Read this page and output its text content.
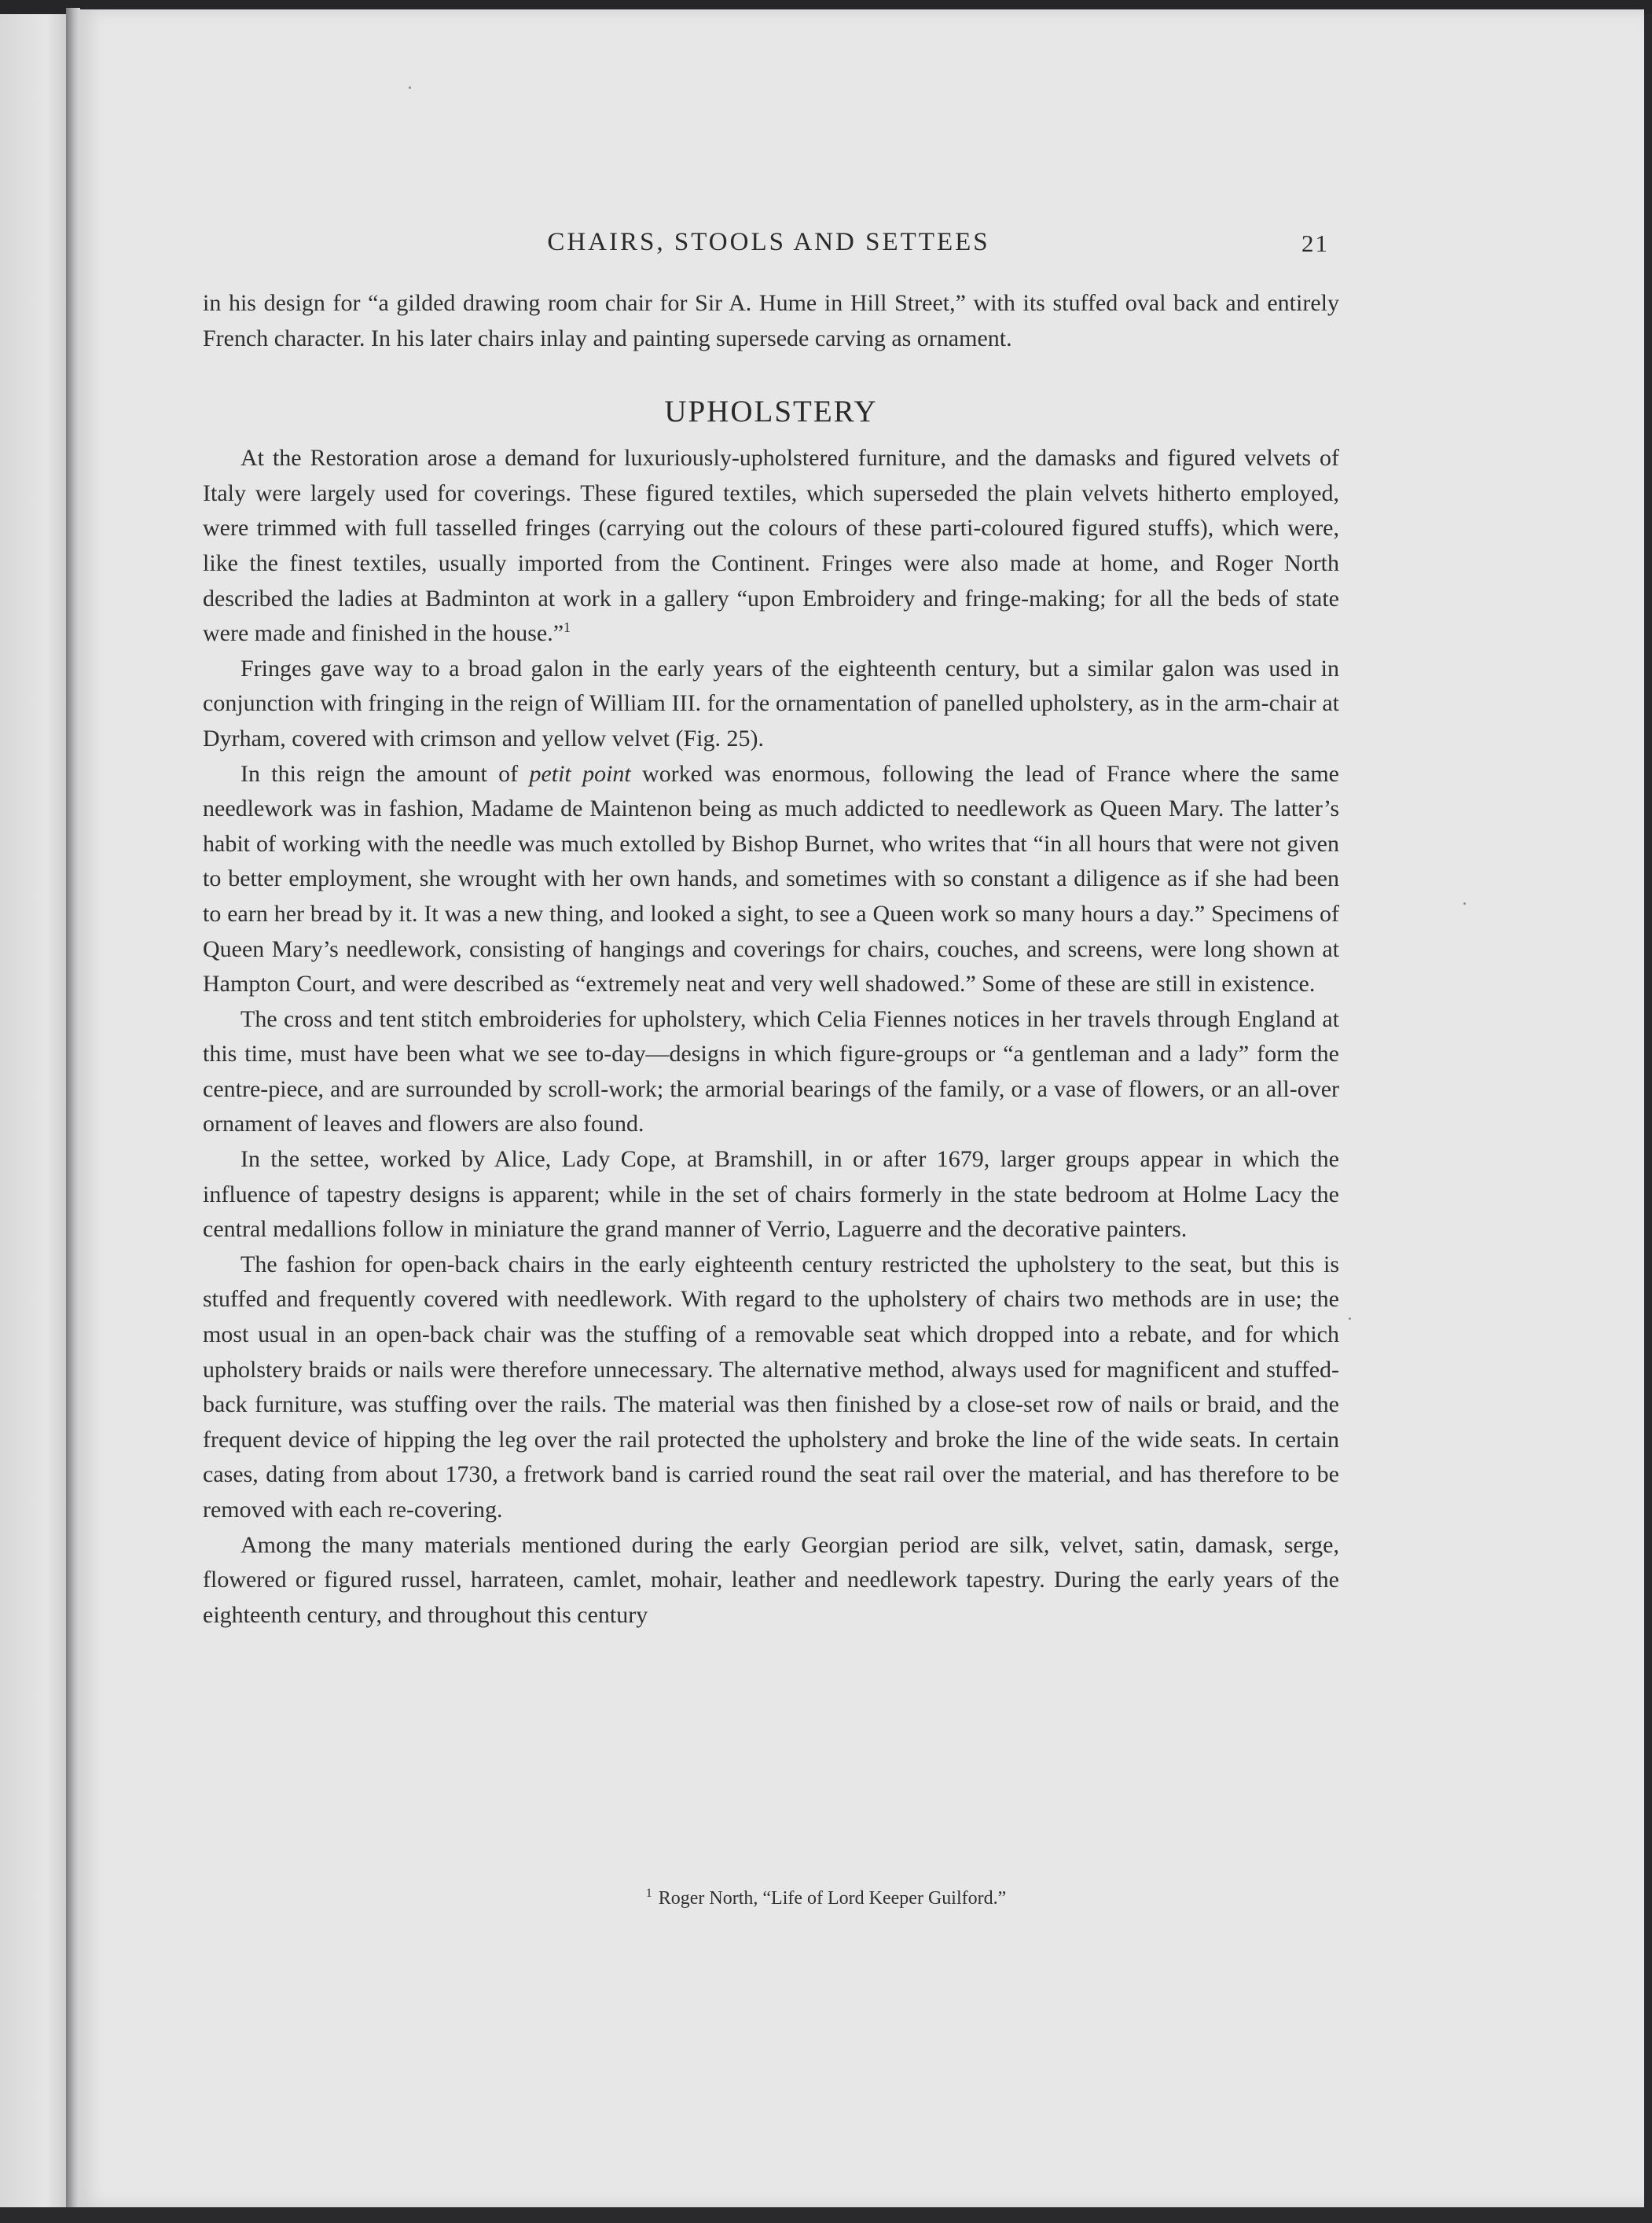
CHAIRS, STOOLS AND SETTEES	21

in his design for “a gilded drawing room chair for Sir A. Hume in Hill Street,” with its stuffed oval back and entirely French character. In his later chairs inlay and painting supersede carving as ornament.

UPHOLSTERY

At the Restoration arose a demand for luxuriously-upholstered furniture, and the damasks and figured velvets of Italy were largely used for coverings. These figured textiles, which superseded the plain velvets hitherto employed, were trimmed with full tasselled fringes (carrying out the colours of these parti-coloured figured stuffs), which were, like the finest textiles, usually imported from the Continent. Fringes were also made at home, and Roger North described the ladies at Badminton at work in a gallery “upon Embroidery and fringe-making; for all the beds of state were made and finished in the house.”$^1$

Fringes gave way to a broad galon in the early years of the eighteenth century, but a similar galon was used in conjunction with fringing in the reign of William III. for the ornamentation of panelled upholstery, as in the arm-chair at Dyrham, covered with crimson and yellow velvet (Fig. 25).

In this reign the amount of petit point worked was enormous, following the lead of France where the same needlework was in fashion, Madame de Maintenon being as much addicted to needlework as Queen Mary. The latter’s habit of working with the needle was much extolled by Bishop Burnet, who writes that “in all hours that were not given to better employment, she wrought with her own hands, and sometimes with so constant a diligence as if she had been to earn her bread by it. It was a new thing, and looked a sight, to see a Queen work so many hours a day.” Specimens of Queen Mary’s needlework, consisting of hangings and coverings for chairs, couches, and screens, were long shown at Hampton Court, and were described as “extremely neat and very well shadowed.” Some of these are still in existence.

The cross and tent stitch embroideries for upholstery, which Celia Fiennes notices in her travels through England at this time, must have been what we see to-day—designs in which figure-groups or “a gentleman and a lady” form the centre-piece, and are surrounded by scroll-work; the armorial bearings of the family, or a vase of flowers, or an all-over ornament of leaves and flowers are also found.

In the settee, worked by Alice, Lady Cope, at Bramshill, in or after 1679, larger groups appear in which the influence of tapestry designs is apparent; while in the set of chairs formerly in the state bedroom at Holme Lacy the central medallions follow in miniature the grand manner of Verrio, Laguerre and the decorative painters.

The fashion for open-back chairs in the early eighteenth century restricted the upholstery to the seat, but this is stuffed and frequently covered with needlework. With regard to the upholstery of chairs two methods are in use; the most usual in an open-back chair was the stuffing of a removable seat which dropped into a rebate, and for which upholstery braids or nails were therefore unnecessary. The alternative method, always used for magnificent and stuffed-back furniture, was stuffing over the rails. The material was then finished by a close-set row of nails or braid, and the frequent device of hipping the leg over the rail protected the upholstery and broke the line of the wide seats. In certain cases, dating from about 1730, a fretwork band is carried round the seat rail over the material, and has therefore to be removed with each re-covering.

Among the many materials mentioned during the early Georgian period are silk, velvet, satin, damask, serge, flowered or figured russel, harrateen, camlet, mohair, leather and needlework tapestry. During the early years of the eighteenth century, and throughout this century

$^1$ Roger North, “Life of Lord Keeper Guilford.”
